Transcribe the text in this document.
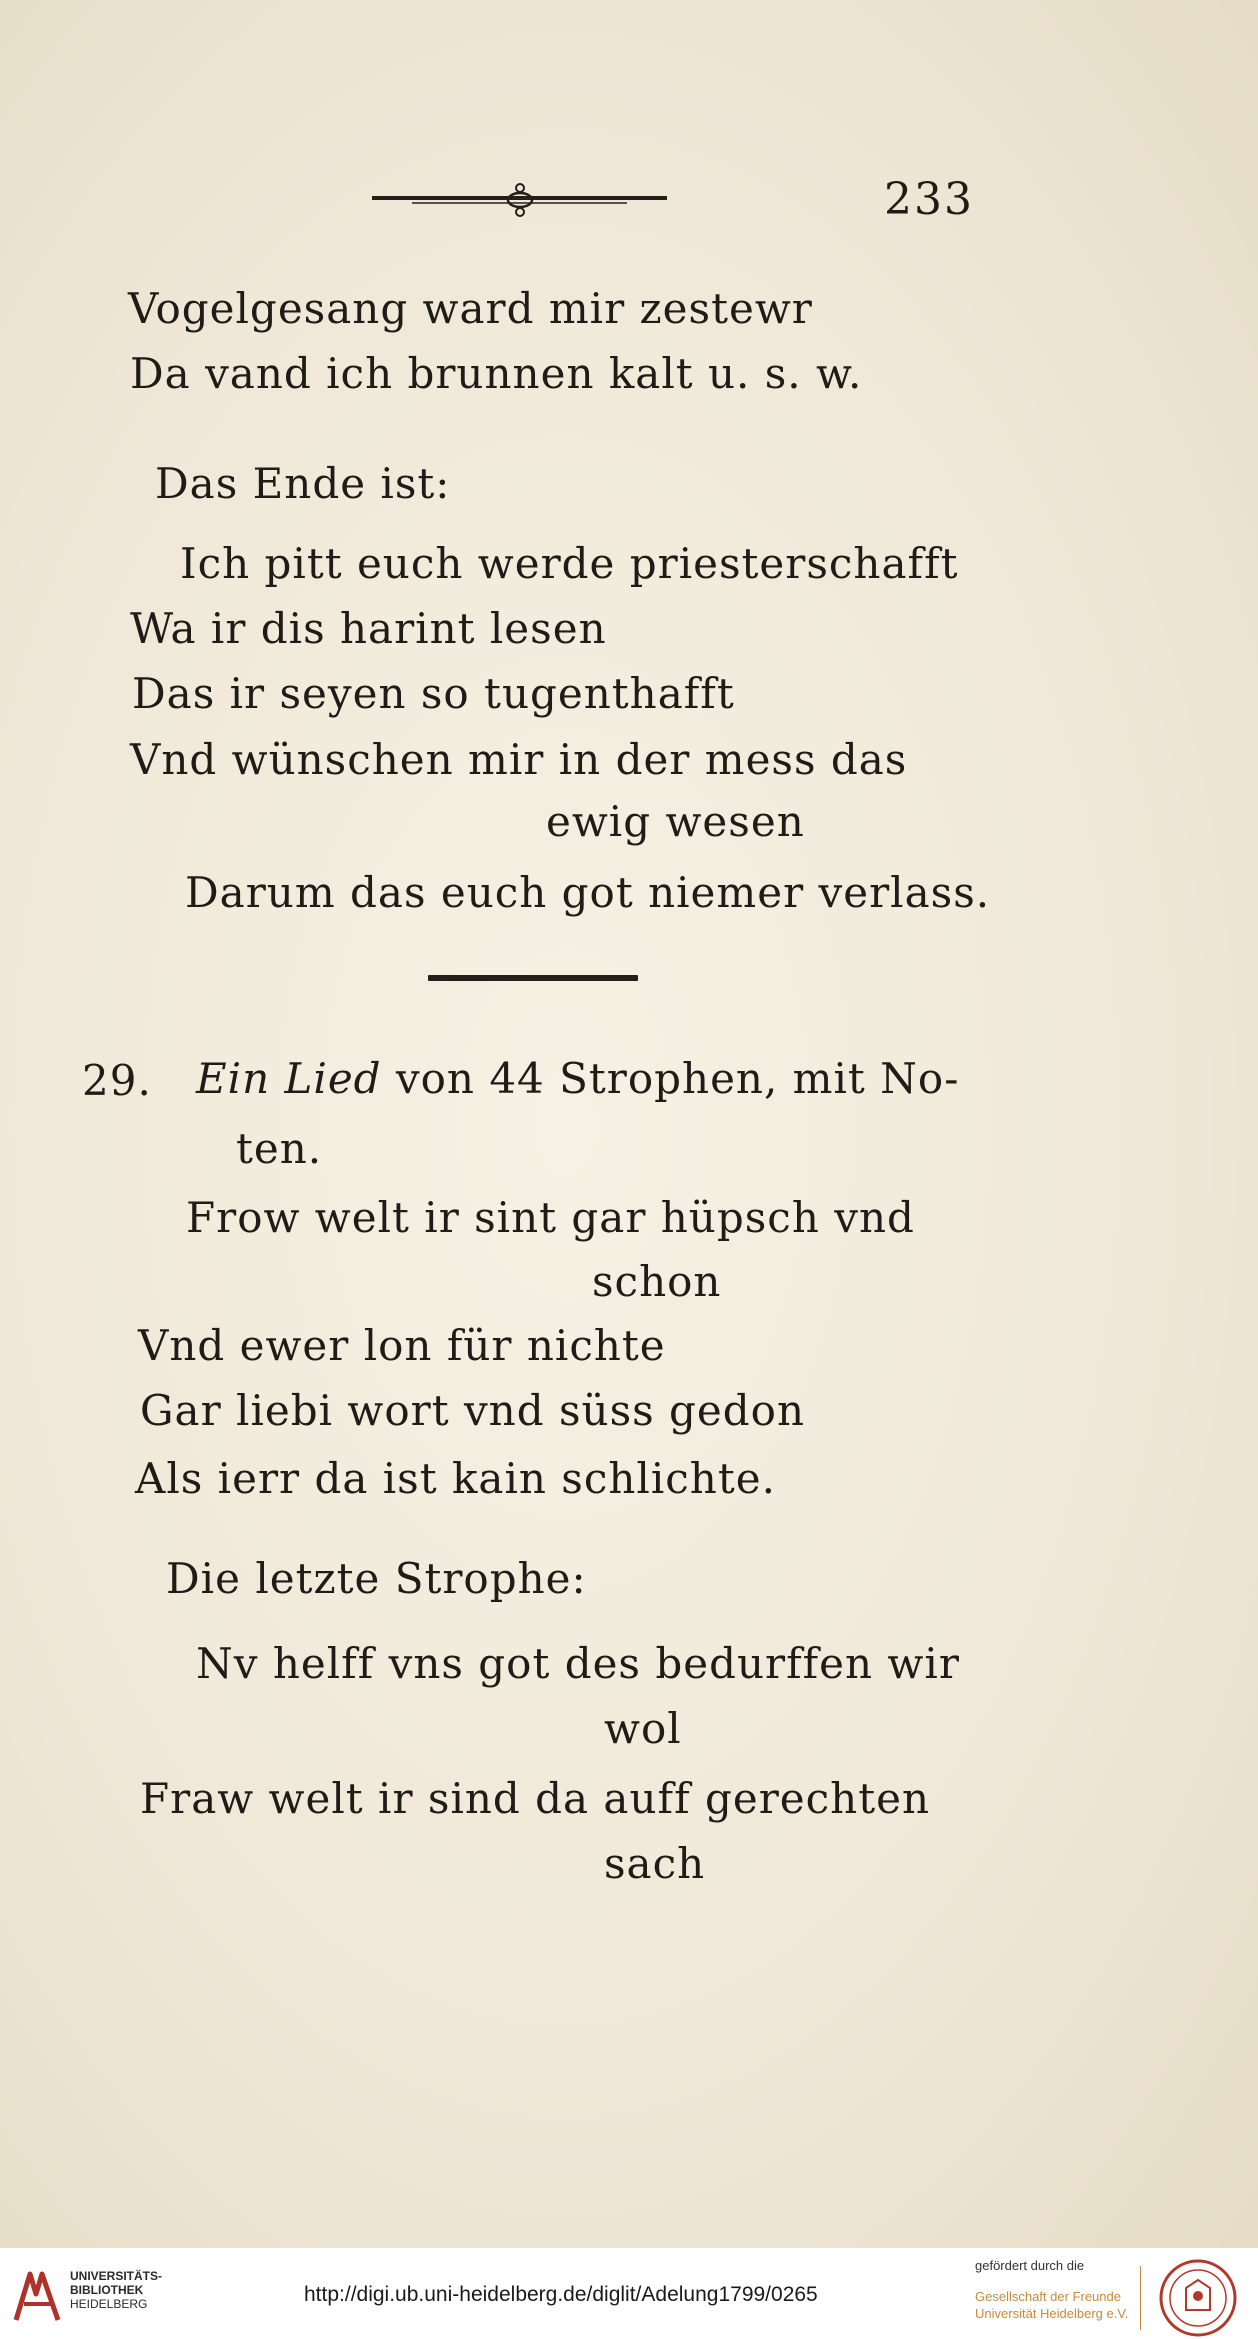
233
Vogelgesang ward mir zestewr
Da vand ich brunnen kalt u. s. w.
Das Ende ist:
Ich pitt euch werde priesterschafft
Wa ir dis harint lesen
Das ir seyen so tugenthafft
Vnd wünschen mir in der mess das
ewig wesen
Darum das euch got niemer verlass.
29. Ein Lied von 44 Strophen, mit No-
ten.
Frow welt ir sint gar hüpsch vnd
schon
Vnd ewer lon für nichte
Gar liebi wort vnd süss gedon
Als ierr da ist kain schlichte.
Die letzte Strophe:
Nv helff vns got des bedurffen wir
wol
Fraw welt ir sind da auff gerechten
sach
UNIVERSITÄTS-
BIBLIOTHEK
HEIDELBERG	http://digi.ub.uni-heidelberg.de/diglit/Adelung1799/0265
gefördert durch die
Gesellschaft der Freunde
Universität Heidelberg e.V.
